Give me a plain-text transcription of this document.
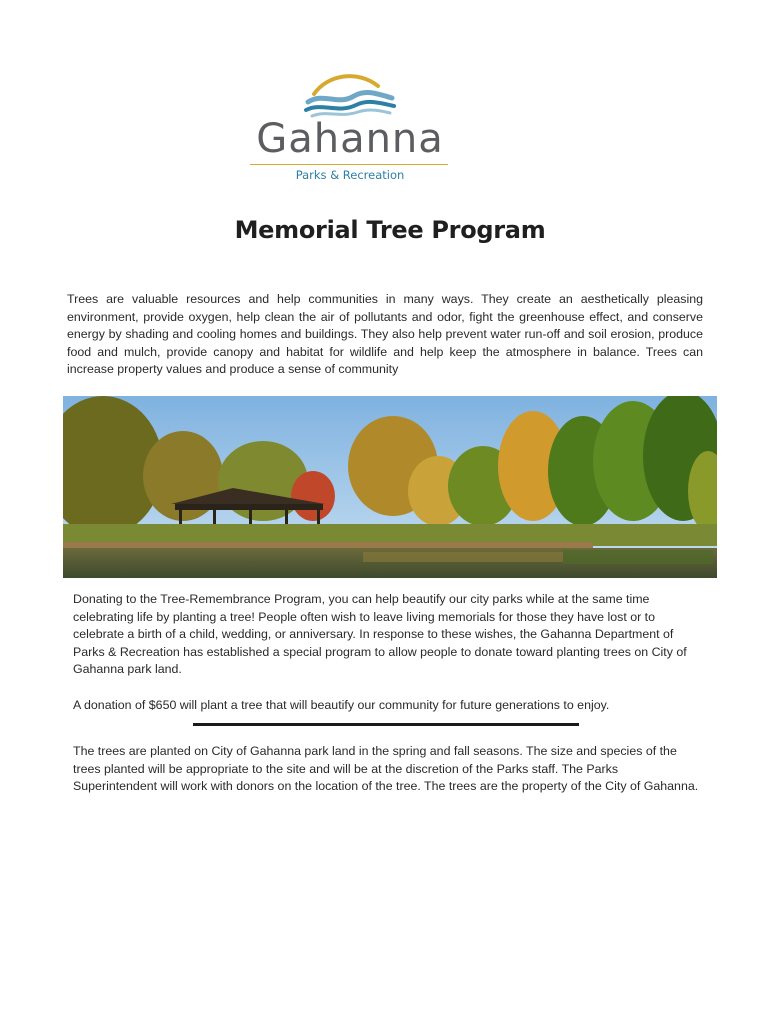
Gahanna
Parks & Recreation
Memorial Tree Program
Trees are valuable resources and help communities in many ways. They create an aesthetically pleasing environment, provide oxygen, help clean the air of pollutants and odor, fight the greenhouse effect, and conserve energy by shading and cooling homes and buildings. They also help prevent water run-off and soil erosion, produce food and mulch, provide canopy and habitat for wildlife and help keep the atmosphere in balance. Trees can increase property values and produce a sense of community
Donating to the Tree-Remembrance Program, you can help beautify our city parks while at the same time celebrating life by planting a tree! People often wish to leave living memorials for those they have lost or to celebrate a birth of a child, wedding, or anniversary. In response to these wishes, the Gahanna Department of Parks & Recreation has established a special program to allow people to donate toward planting trees on City of Gahanna park land.
A donation of $650 will plant a tree that will beautify our community for future generations to enjoy.
The trees are planted on City of Gahanna park land in the spring and fall seasons. The size and species of the trees planted will be appropriate to the site and will be at the discretion of the Parks staff. The Parks Superintendent will work with donors on the location of the tree. The trees are the property of the City of Gahanna.
